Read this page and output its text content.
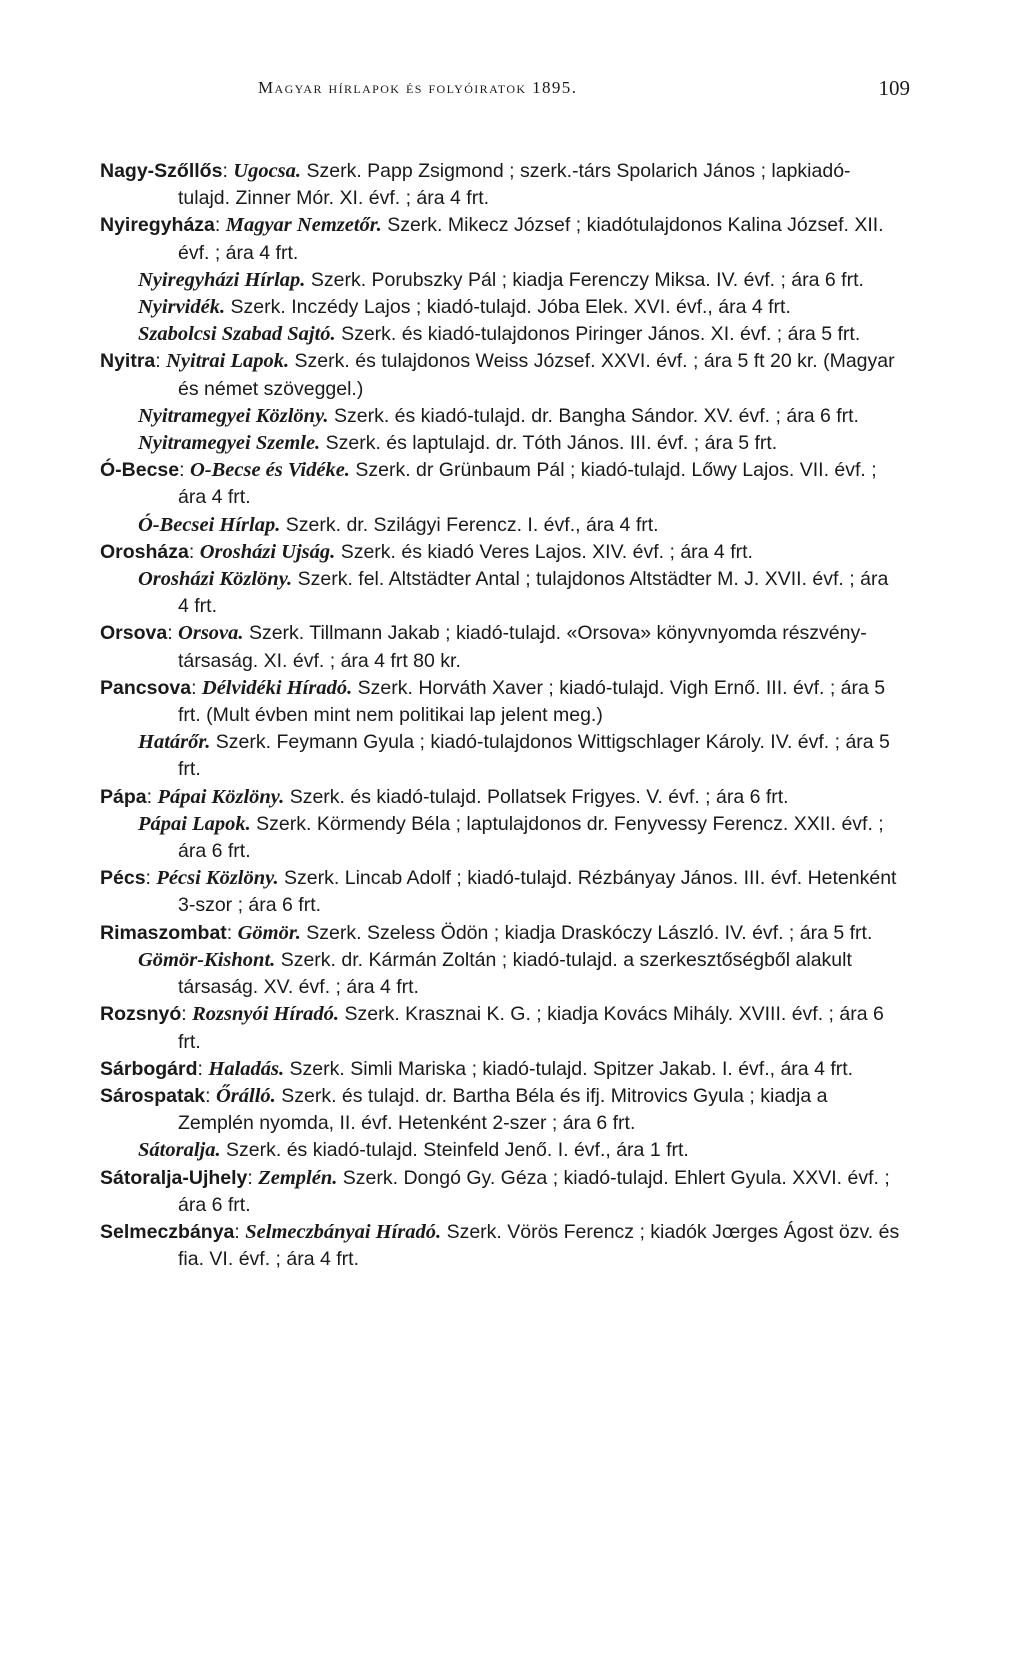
Magyar hírlapok és folyóiratok 1895.	109
Nagy-Szőllős: Ugocsa. Szerk. Papp Zsigmond ; szerk.-társ Spolarich János ; lapkiadó-tulajd. Zinner Mór. XI. évf. ; ára 4 frt.
Nyiregyháza: Magyar Nemzetőr. Szerk. Mikecz József ; kiadótulajdonos Kalina József. XII. évf. ; ára 4 frt.
Nyiregyházi Hírlap. Szerk. Porubszky Pál ; kiadja Ferenczy Miksa. IV. évf. ; ára 6 frt.
Nyirvidék. Szerk. Inczédy Lajos ; kiadó-tulajd. Jóba Elek. XVI. évf., ára 4 frt.
Szabolcsi Szabad Sajtó. Szerk. és kiadó-tulajdonos Piringer János. XI. évf. ; ára 5 frt.
Nyitra: Nyitrai Lapok. Szerk. és tulajdonos Weiss József. XXVI. évf. ; ára 5 ft 20 kr. (Magyar és német szöveggel.)
Nyitramegyei Közlöny. Szerk. és kiadó-tulajd. dr. Bangha Sándor. XV. évf. ; ára 6 frt.
Nyitramegyei Szemle. Szerk. és laptulajd. dr. Tóth János. III. évf. ; ára 5 frt.
Ó-Becse: O-Becse és Vidéke. Szerk. dr Grünbaum Pál ; kiadó-tulajd. Lőwy Lajos. VII. évf. ; ára 4 frt.
Ó-Becsei Hírlap. Szerk. dr. Szilágyi Ferencz. I. évf., ára 4 frt.
Orosháza: Orosházi Ujság. Szerk. és kiadó Veres Lajos. XIV. évf. ; ára 4 frt.
Orosházi Közlöny. Szerk. fel. Altstädter Antal ; tulajdonos Altstädter M. J. XVII. évf. ; ára 4 frt.
Orsova: Orsova. Szerk. Tillmann Jakab ; kiadó-tulajd. «Orsova» könyvnyomda részvény-társaság. XI. évf. ; ára 4 frt 80 kr.
Pancsova: Délvidéki Híradó. Szerk. Horváth Xaver ; kiadó-tulajd. Vigh Ernő. III. évf. ; ára 5 frt. (Mult évben mint nem politikai lap jelent meg.)
Határőr. Szerk. Feymann Gyula ; kiadó-tulajdonos Wittigschlager Károly. IV. évf. ; ára 5 frt.
Pápa: Pápai Közlöny. Szerk. és kiadó-tulajd. Pollatsek Frigyes. V. évf. ; ára 6 frt.
Pápai Lapok. Szerk. Körmendy Béla ; laptulajdonos dr. Fenyvessy Ferencz. XXII. évf. ; ára 6 frt.
Pécs: Pécsi Közlöny. Szerk. Lincab Adolf ; kiadó-tulajd. Rézbányay János. III. évf. Hetenként 3-szor ; ára 6 frt.
Rimaszombat: Gömör. Szerk. Szeless Ödön ; kiadja Draskóczy László. IV. évf. ; ára 5 frt.
Gömör-Kishont. Szerk. dr. Kármán Zoltán ; kiadó-tulajd. a szerkesztőségből alakult társaság. XV. évf. ; ára 4 frt.
Rozsnyó: Rozsnyói Híradó. Szerk. Krasznai K. G. ; kiadja Kovács Mihály. XVIII. évf. ; ára 6 frt.
Sárbogárd: Haladás. Szerk. Simli Mariska ; kiadó-tulajd. Spitzer Jakab. I. évf., ára 4 frt.
Sárospatak: Őrálló. Szerk. és tulajd. dr. Bartha Béla és ifj. Mitrovics Gyula ; kiadja a Zemplén nyomda, II. évf. Hetenként 2-szer ; ára 6 frt.
Sátoralja. Szerk. és kiadó-tulajd. Steinfeld Jenő. I. évf., ára 1 frt.
Sátoralja-Ujhely: Zemplén. Szerk. Dongó Gy. Géza ; kiadó-tulajd. Ehlert Gyula. XXVI. évf. ; ára 6 frt.
Selmeczbánya: Selmeczbányai Híradó. Szerk. Vörös Ferencz ; kiadók Jœrges Ágost özv. és fia. VI. évf. ; ára 4 frt.
